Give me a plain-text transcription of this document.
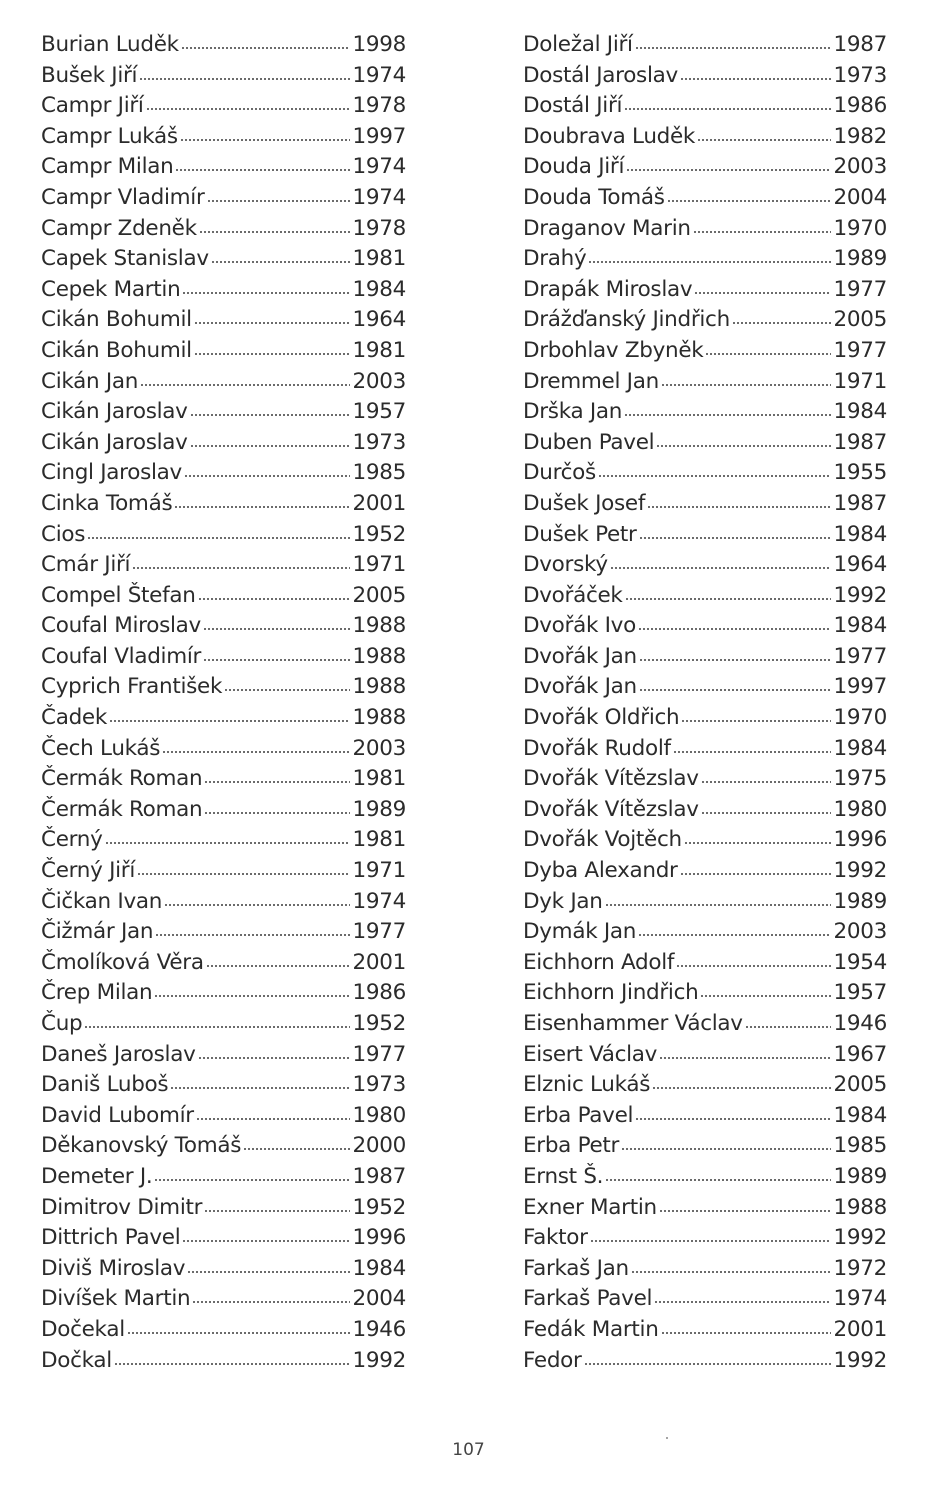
Burian Luděk	1998
Bušek Jiří	1974
Campr Jiří	1978
Campr Lukáš	1997
Campr Milan	1974
Campr Vladimír	1974
Campr Zdeněk	1978
Capek Stanislav	1981
Cepek Martin	1984
Cikán Bohumil	1964
Cikán Bohumil	1981
Cikán Jan	2003
Cikán Jaroslav	1957
Cikán Jaroslav	1973
Cingl Jaroslav	1985
Cinka Tomáš	2001
Cios	1952
Cmár Jiří	1971
Compel Štefan	2005
Coufal Miroslav	1988
Coufal Vladimír	1988
Cyprich František	1988
Čadek	1988
Čech Lukáš	2003
Čermák Roman	1981
Čermák Roman	1989
Černý	1981
Černý Jiří	1971
Čičkan Ivan	1974
Čižmár Jan	1977
Čmolíková Věra	2001
Črep Milan	1986
Čup	1952
Daneš Jaroslav	1977
Daniš Luboš	1973
David Lubomír	1980
Děkanovský Tomáš	2000
Demeter J.	1987
Dimitrov Dimitr	1952
Dittrich Pavel	1996
Diviš Miroslav	1984
Divíšek Martin	2004
Dočekal	1946
Dočkal	1992
Doležal Jiří	1987
Dostál Jaroslav	1973
Dostál Jiří	1986
Doubrava Luděk	1982
Douda Jiří	2003
Douda Tomáš	2004
Draganov Marin	1970
Drahý	1989
Drapák Miroslav	1977
Drážďanský Jindřich	2005
Drbohlav Zbyněk	1977
Dremmel Jan	1971
Drška Jan	1984
Duben Pavel	1987
Durčoš	1955
Dušek Josef	1987
Dušek Petr	1984
Dvorský	1964
Dvořáček	1992
Dvořák Ivo	1984
Dvořák Jan	1977
Dvořák Jan	1997
Dvořák Oldřich	1970
Dvořák Rudolf	1984
Dvořák Vítězslav	1975
Dvořák Vítězslav	1980
Dvořák Vojtěch	1996
Dyba Alexandr	1992
Dyk Jan	1989
Dymák Jan	2003
Eichhorn Adolf	1954
Eichhorn Jindřich	1957
Eisenhammer Václav	1946
Eisert Václav	1967
Elznic Lukáš	2005
Erba Pavel	1984
Erba Petr	1985
Ernst Š.	1989
Exner Martin	1988
Faktor	1992
Farkaš Jan	1972
Farkaš Pavel	1974
Fedák Martin	2001
Fedor	1992
107
